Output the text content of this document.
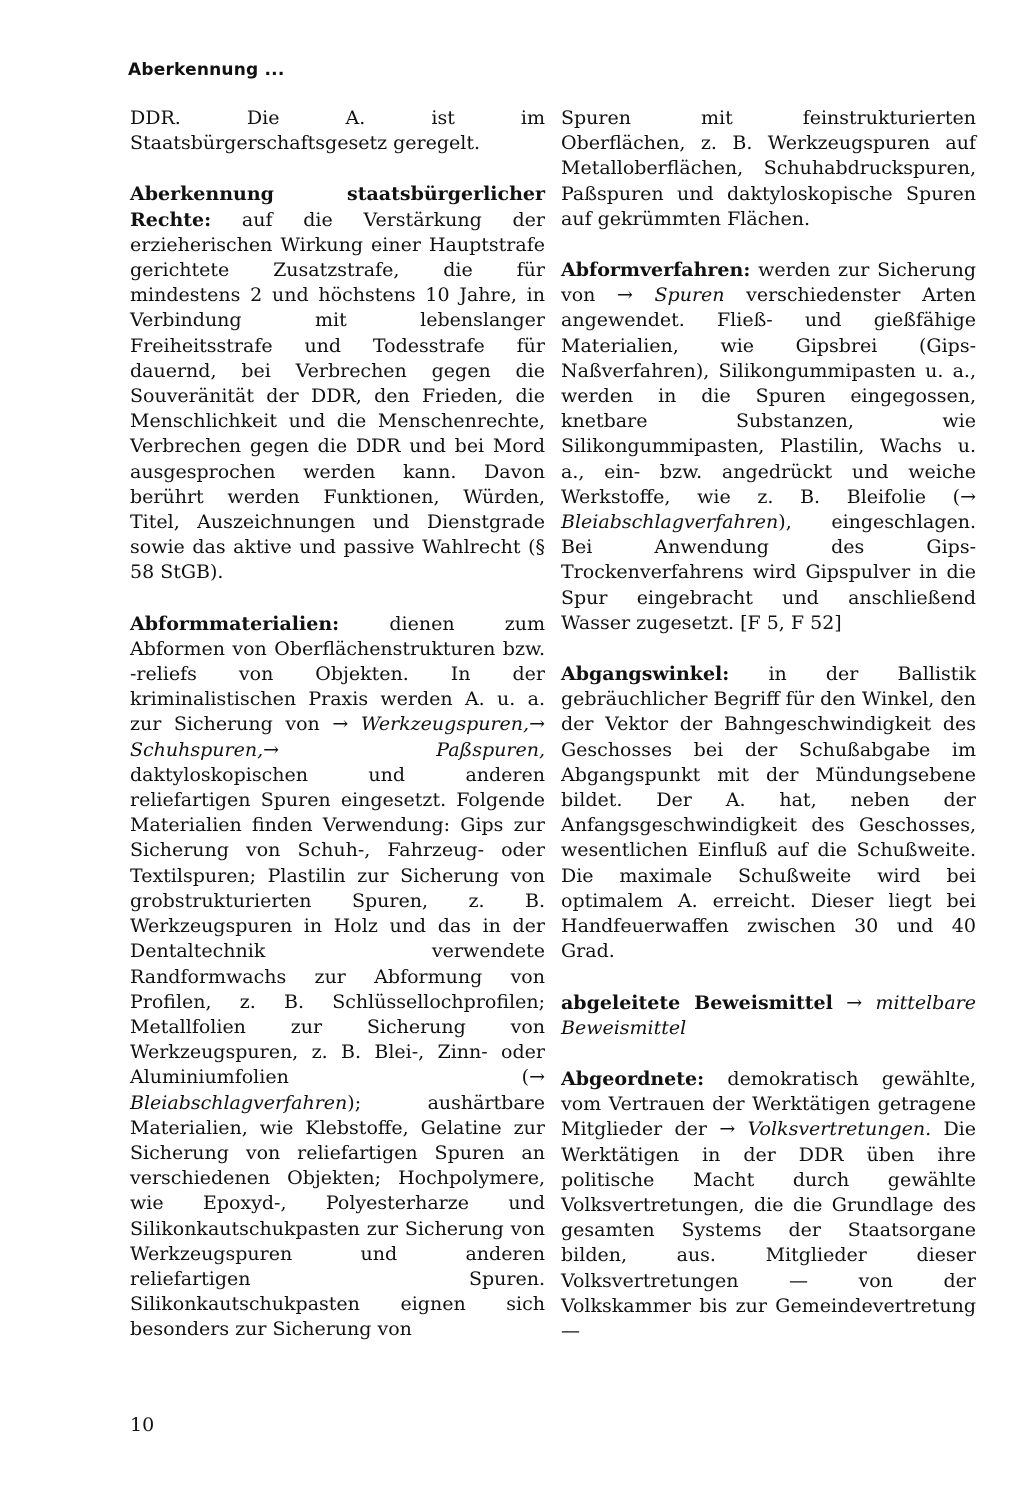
Aberkennung ...

DDR. Die A. ist im Staatsbürgerschaftsgesetz geregelt.

Aberkennung staatsbürgerlicher Rechte: auf die Verstärkung der erzieherischen Wirkung einer Hauptstrafe gerichtete Zusatzstrafe, die für mindestens 2 und höchstens 10 Jahre, in Verbindung mit lebenslanger Freiheitsstrafe und Todesstrafe für dauernd, bei Verbrechen gegen die Souveränität der DDR, den Frieden, die Menschlichkeit und die Menschenrechte, Verbrechen gegen die DDR und bei Mord ausgesprochen werden kann. Davon berührt werden Funktionen, Würden, Titel, Auszeichnungen und Dienstgrade sowie das aktive und passive Wahlrecht (§ 58 StGB).

Abformmaterialien:	dienen zum Abformen von Oberflächenstrukturen bzw. -reliefs von Objekten. In der kriminalistischen Praxis werden A. u. a. zur Sicherung von → Werkzeugspuren,→ Schuhspuren,→	Paßspuren, daktyloskopischen und anderen reliefartigen Spuren eingesetzt. Folgende Materialien finden Verwendung: Gips zur Sicherung von Schuh-, Fahrzeug- oder Textilspuren; Plastilin zur Sicherung von grobstrukturierten Spuren, z. B. Werkzeugspuren in Holz und das in der Dentaltechnik verwendete Randformwachs zur Abformung von Profilen, z. B. Schlüssellochprofilen; Metallfolien zur Sicherung von Werkzeugspuren, z. B. Blei-, Zinn- oder Aluminiumfolien (→ Bleiabschlagverfahren); aushärtbare Materialien, wie Klebstoffe, Gelatine zur Sicherung von reliefartigen Spuren an verschiedenen Objekten; Hochpolymere, wie Epoxyd-, Polyesterharze und Silikonkautschukpasten zur Sicherung von Werkzeugspuren und anderen reliefartigen Spuren. Silikonkautschukpasten eignen sich besonders zur Sicherung von

Spuren mit feinstrukturierten Oberflächen, z. B. Werkzeugspuren auf Metalloberflächen, Schuhabdruckspuren, Paßspuren und daktyloskopische Spuren auf gekrümmten Flächen.

Abformverfahren: werden zur Sicherung von → Spuren verschiedenster Arten angewendet. Fließ- und gießfähige Materialien, wie Gipsbrei (Gips-Naßverfahren), Silikongummipasten u. a., werden in die Spuren eingegossen, knetbare Substanzen, wie Silikongummipasten, Plastilin, Wachs u. a., ein- bzw. angedrückt und weiche Werkstoffe, wie z. B. Bleifolie (→ Bleiabschlagverfahren), eingeschlagen. Bei Anwendung des Gips-Trockenverfahrens wird Gipspulver in die Spur eingebracht und anschließend Wasser zugesetzt. [F 5, F 52]

Abgangswinkel: in der Ballistik gebräuchlicher Begriff für den Winkel, den der Vektor der Bahngeschwindigkeit des Geschosses bei der Schußabgabe im Abgangspunkt mit der Mündungsebene bildet. Der A. hat, neben der Anfangsgeschwindigkeit des Geschosses, wesentlichen Einfluß auf die Schußweite. Die maximale Schußweite wird bei optimalem A. erreicht. Dieser liegt bei Handfeuerwaffen zwischen 30 und 40 Grad.

abgeleitete Beweismittel → mittelbare Beweismittel

Abgeordnete: demokratisch gewählte, vom Vertrauen der Werktätigen getragene Mitglieder der → Volksvertretungen. Die Werktätigen in der DDR üben ihre politische Macht durch gewählte Volksvertretungen, die die Grundlage des gesamten Systems der Staatsorgane bilden, aus. Mitglieder dieser Volksvertretungen — von der Volkskammer bis zur Gemeindevertretung —

10
